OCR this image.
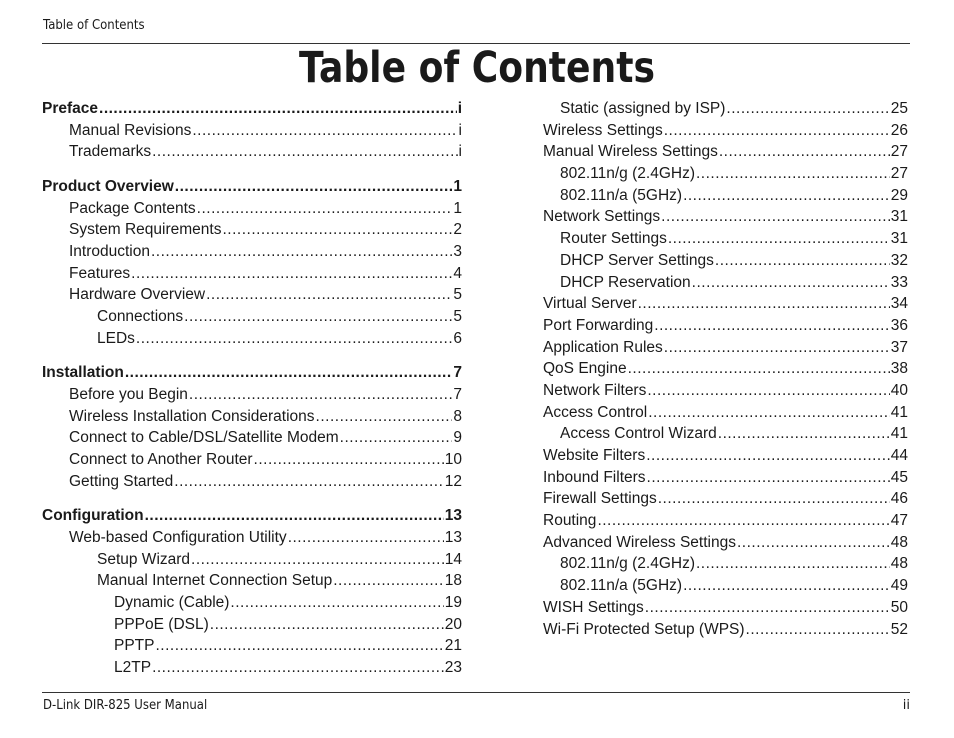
Table of Contents
Table of Contents
Preface .....	i
Manual Revisions .....	i
Trademarks .....	i
Product Overview .....	1
Package Contents .....	1
System Requirements .....	2
Introduction .....	3
Features .....	4
Hardware Overview .....	5
Connections .....	5
LEDs .....	6
Installation .....	7
Before you Begin .....	7
Wireless Installation Considerations .....	8
Connect to Cable/DSL/Satellite Modem .....	9
Connect to Another Router .....	10
Getting Started .....	12
Configuration .....	13
Web-based Configuration Utility .....	13
Setup Wizard .....	14
Manual Internet Connection Setup .....	18
Dynamic (Cable) .....	19
PPPoE (DSL) .....	20
PPTP .....	21
L2TP .....	23
Static (assigned by ISP) .....	25
Wireless Settings .....	26
Manual Wireless Settings .....	27
802.11n/g (2.4GHz) .....	27
802.11n/a (5GHz) .....	29
Network Settings .....	31
Router Settings .....	31
DHCP Server Settings .....	32
DHCP Reservation .....	33
Virtual Server .....	34
Port Forwarding .....	36
Application Rules .....	37
QoS Engine .....	38
Network Filters .....	40
Access Control .....	41
Access Control Wizard .....	41
Website Filters .....	44
Inbound Filters .....	45
Firewall Settings .....	46
Routing .....	47
Advanced Wireless Settings .....	48
802.11n/g (2.4GHz) .....	48
802.11n/a (5GHz) .....	49
WISH Settings .....	50
Wi-Fi Protected Setup (WPS) .....	52
D-Link DIR-825 User Manual	ii
